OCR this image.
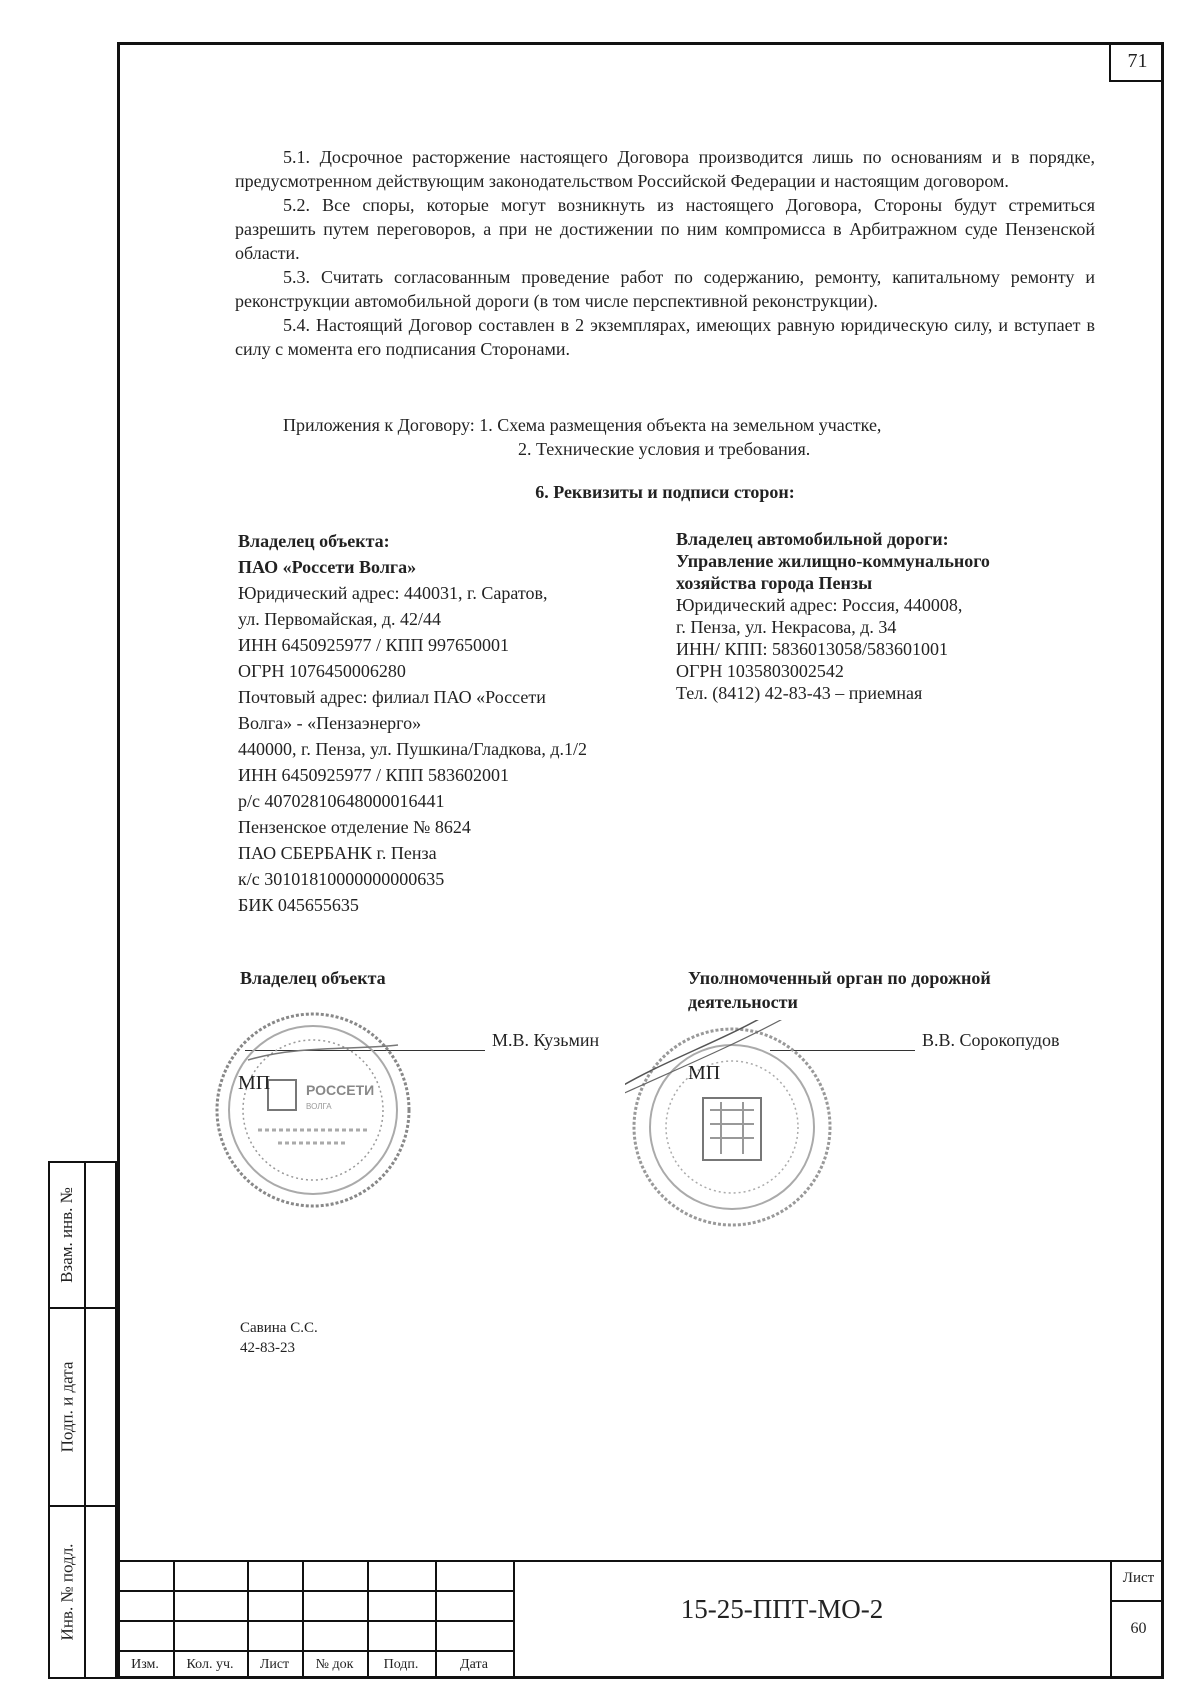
71

5.1. Досрочное расторжение настоящего Договора производится лишь по основаниям и в порядке, предусмотренном действующим законодательством Российской Федерации и настоящим договором.

5.2. Все споры, которые могут возникнуть из настоящего Договора, Стороны будут стремиться разрешить путем переговоров, а при не достижении по ним компромисса в Арбитражном суде Пензенской области.

5.3. Считать согласованным проведение работ по содержанию, ремонту, капитальному ремонту и реконструкции автомобильной дороги (в том числе перспективной реконструкции).

5.4. Настоящий Договор составлен в 2 экземплярах, имеющих равную юридическую силу, и вступает в силу с момента его подписания Сторонами.

Приложения к Договору: 1. Схема размещения объекта на земельном участке,
2. Технические условия и требования.
6. Реквизиты и подписи сторон:
Владелец объекта:
ПАО «Россети Волга»
Юридический адрес: 440031, г. Саратов,
ул. Первомайская, д. 42/44
ИНН 6450925977 / КПП 997650001
ОГРН 1076450006280
Почтовый адрес: филиал ПАО «Россети
Волга» - «Пензаэнерго»
440000, г. Пенза, ул. Пушкина/Гладкова, д.1/2
ИНН 6450925977 / КПП 583602001
р/с 40702810648000016441
Пензенское отделение № 8624
ПАО СБЕРБАНК г. Пенза
к/с 30101810000000000635
БИК 045655635
Владелец автомобильной дороги:
Управление жилищно-коммунального
хозяйства города Пензы
Юридический адрес: Россия, 440008,
г. Пенза, ул. Некрасова, д. 34
ИНН/ КПП: 5836013058/583601001
ОГРН 1035803002542
Тел. (8412) 42-83-43 – приемная
Владелец объекта
М.В. Кузьмин
Уполномоченный орган по дорожной
деятельности
В.В. Сорокопудов
РОССЕТИ
ВОЛГА
МП	МП
Савина С.С.
42-83-23
Взам. инв. №
Подп. и дата
Инв. № подл.
Изм.	Кол. уч.	Лист	№ док	Подп.	Дата
15-25-ППТ-МО-2
Лист
60
